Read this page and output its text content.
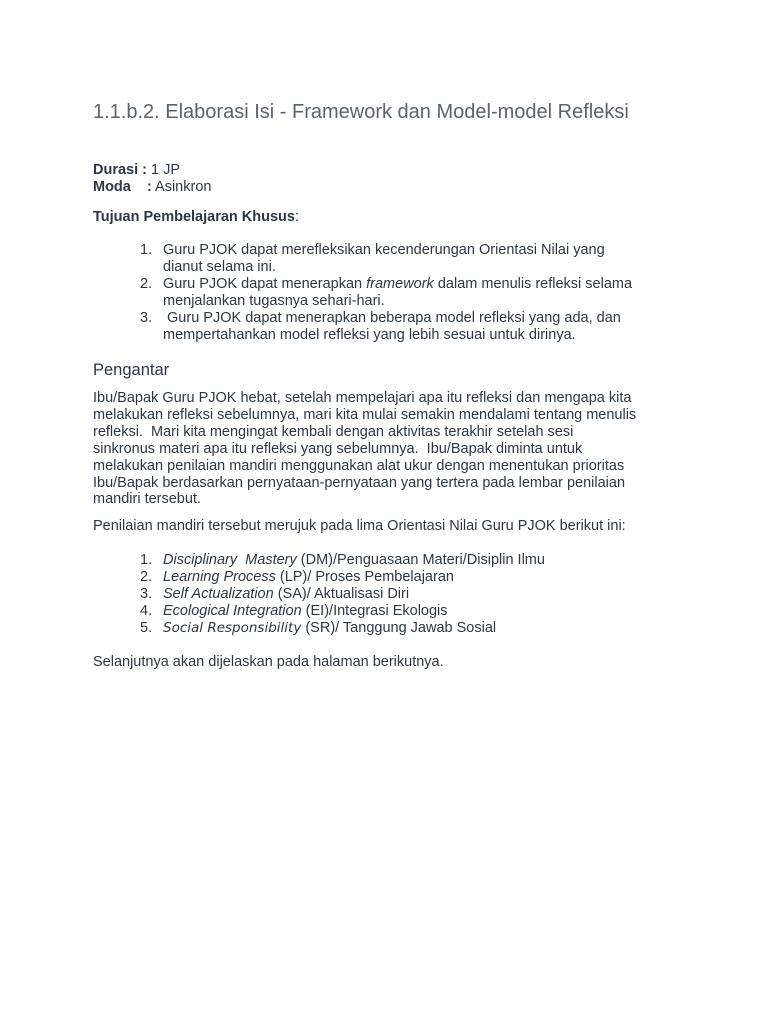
1.1.b.2. Elaborasi Isi - Framework dan Model-model Refleksi
Durasi : 1 JP
Moda    : Asinkron
Tujuan Pembelajaran Khusus:
1. Guru PJOK dapat merefleksikan kecenderungan Orientasi Nilai yang
dianut selama ini.
2. Guru PJOK dapat menerapkan framework dalam menulis refleksi selama
menjalankan tugasnya sehari-hari.
3. Guru PJOK dapat menerapkan beberapa model refleksi yang ada, dan
mempertahankan model refleksi yang lebih sesuai untuk dirinya.
Pengantar
Ibu/Bapak Guru PJOK hebat, setelah mempelajari apa itu refleksi dan mengapa kita
melakukan refleksi sebelumnya, mari kita mulai semakin mendalami tentang menulis
refleksi.  Mari kita mengingat kembali dengan aktivitas terakhir setelah sesi
sinkronus materi apa itu refleksi yang sebelumnya.  Ibu/Bapak diminta untuk
melakukan penilaian mandiri menggunakan alat ukur dengan menentukan prioritas
Ibu/Bapak berdasarkan pernyataan-pernyataan yang tertera pada lembar penilaian
mandiri tersebut.
Penilaian mandiri tersebut merujuk pada lima Orientasi Nilai Guru PJOK berikut ini:
1. Disciplinary  Mastery (DM)/Penguasaan Materi/Disiplin Ilmu
2. Learning Process (LP)/ Proses Pembelajaran
3. Self Actualization (SA)/ Aktualisasi Diri
4. Ecological Integration (EI)/Integrasi Ekologis
5. Social Responsibility (SR)/ Tanggung Jawab Sosial
Selanjutnya akan dijelaskan pada halaman berikutnya.
